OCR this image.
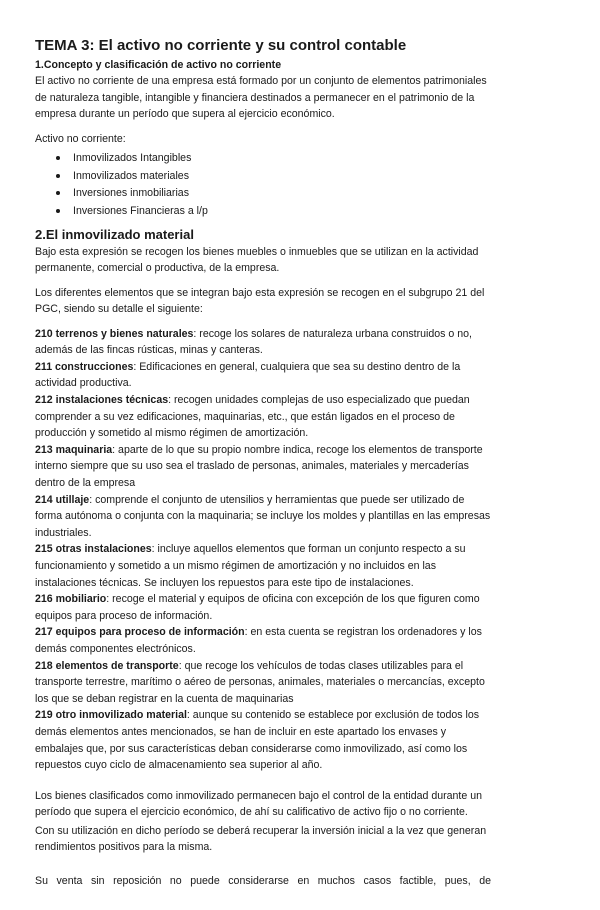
TEMA 3: El activo no corriente y su control contable
1.Concepto y clasificación de activo no corriente
El activo no corriente de una empresa está formado por un conjunto de elementos patrimoniales de naturaleza tangible, intangible y financiera destinados a permanecer en el patrimonio de la empresa durante un período que supera al ejercicio económico.
Activo no corriente:
Inmovilizados Intangibles
Inmovilizados materiales
Inversiones inmobiliarias
Inversiones Financieras a l/p
2.El inmovilizado material
Bajo esta expresión se recogen los bienes muebles o inmuebles que se utilizan en la actividad permanente, comercial o productiva, de la empresa.
Los diferentes elementos que se integran bajo esta expresión se recogen en el subgrupo 21 del PGC, siendo su detalle el siguiente:

210 terrenos y bienes naturales: recoge los solares de naturaleza urbana construidos o no, además de las fincas rústicas, minas y canteras.

211 construcciones: Edificaciones en general, cualquiera que sea su destino dentro de la actividad productiva.

212 instalaciones técnicas: recogen unidades complejas de uso especializado que puedan comprender a su vez edificaciones, maquinarias, etc., que están ligados en el proceso de producción y sometido al mismo régimen de amortización.

213 maquinaria: aparte de lo que su propio nombre indica, recoge los elementos de transporte interno siempre que su uso sea el traslado de personas, animales, materiales y mercaderías dentro de la empresa

214 utillaje: comprende el conjunto de utensilios y herramientas que puede ser utilizado de forma autónoma o conjunta con la maquinaria; se incluye los moldes y plantillas en las empresas industriales.

215 otras instalaciones: incluye aquellos elementos que forman un conjunto respecto a su funcionamiento y sometido a un mismo régimen de amortización y no incluidos en las instalaciones técnicas. Se incluyen los repuestos para este tipo de instalaciones.

216 mobiliario: recoge el material y equipos de oficina con excepción de los que figuren como equipos para proceso de información.

217 equipos para proceso de información: en esta cuenta se registran los ordenadores y los demás componentes electrónicos.

218 elementos de transporte: que recoge los vehículos de todas clases utilizables para el transporte terrestre, marítimo o aéreo de personas, animales, materiales o mercancías, excepto los que se deban registrar en la cuenta de maquinarias

219 otro inmovilizado material: aunque su contenido se establece por exclusión de todos los demás elementos antes mencionados, se han de incluir en este apartado los envases y embalajes que, por sus características deban considerarse como inmovilizado, así como los repuestos cuyo ciclo de almacenamiento sea superior al año.

Los bienes clasificados como inmovilizado permanecen bajo el control de la entidad durante un período que supera el ejercicio económico, de ahí su calificativo de activo fijo o no corriente.
Con su utilización en dicho período se deberá recuperar la inversión inicial a la vez que generan rendimientos positivos para la misma.
Su venta sin reposición no puede considerarse en muchos casos factible, pues, de
